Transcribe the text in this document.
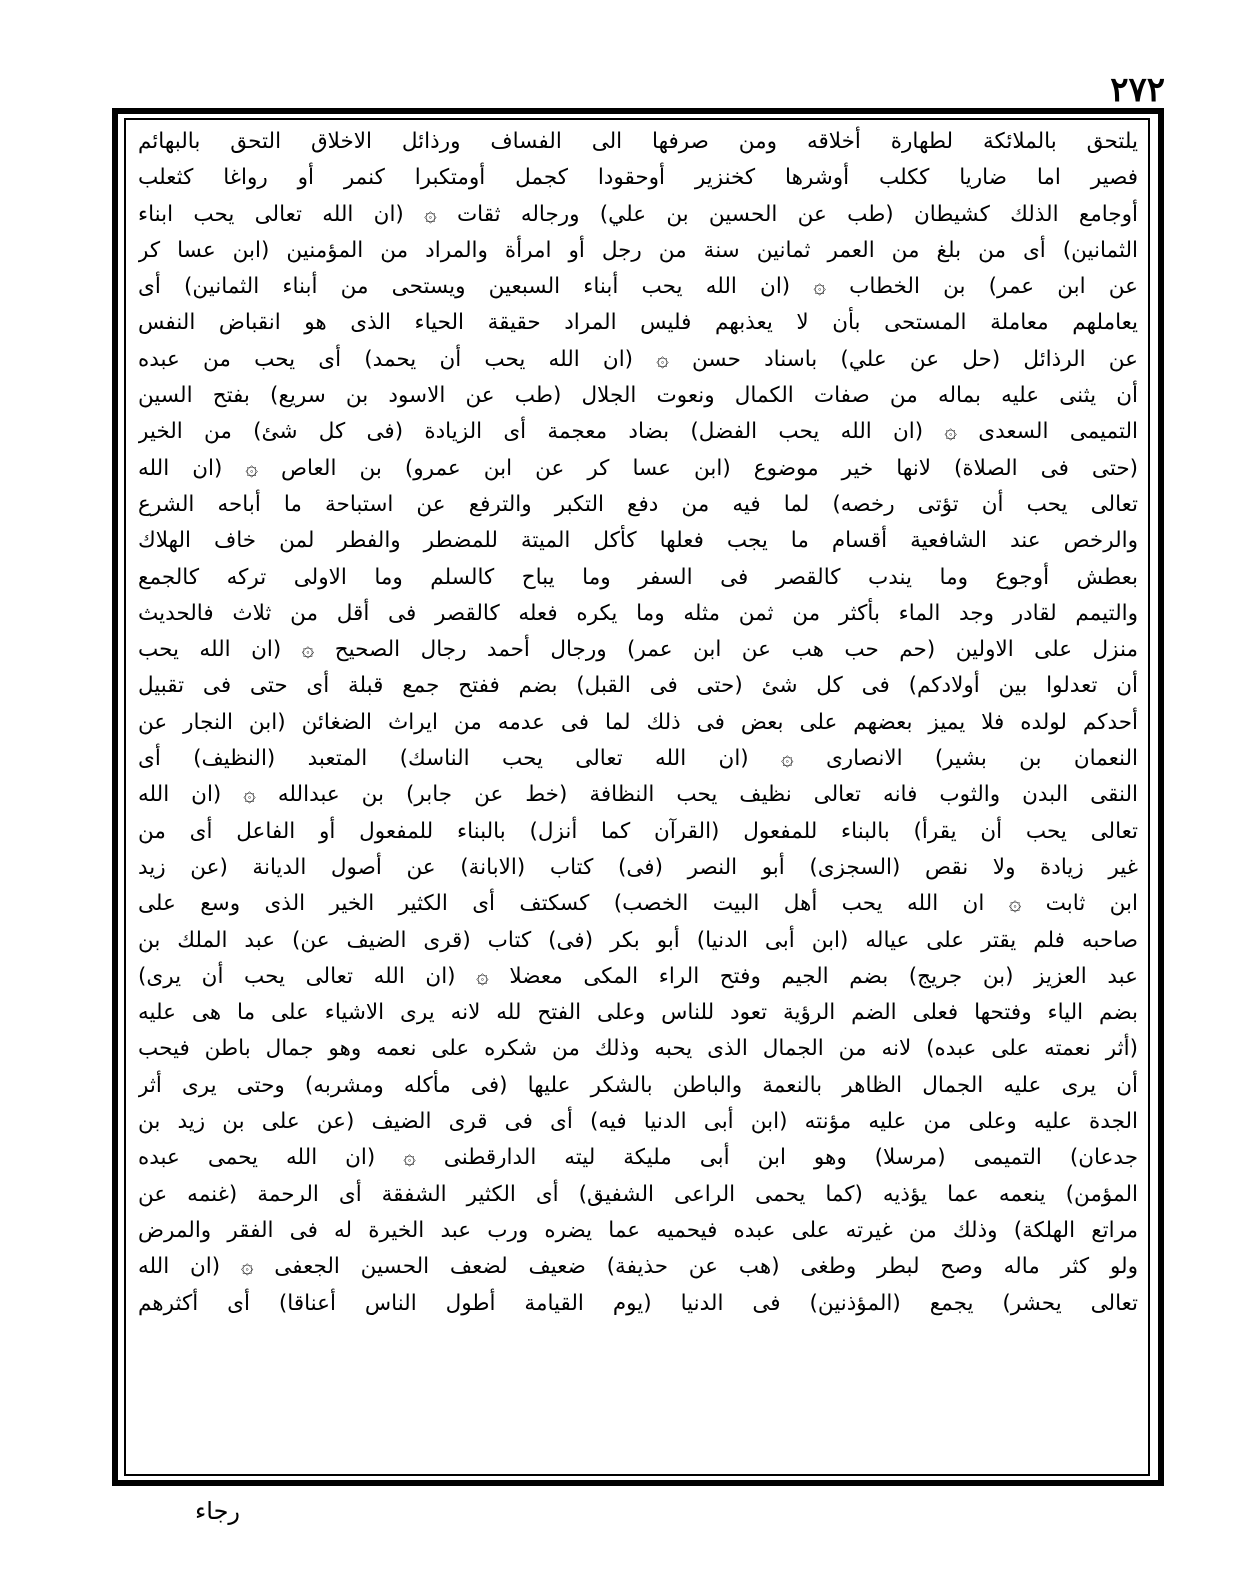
٢٧٢
يلتحق بالملائكة لطهارة أخلاقه ومن صرفها الى الفساف ورذائل الاخلاق التحق بالبهائم
فصير اما ضاريا ككلب أوشرها كخنزير أوحقودا كجمل أومتكبرا كنمر أو رواغا كثعلب
أوجامع الذلك كشيطان (طب عن الحسين بن علي) ورجاله ثقات ۞ (ان الله تعالى يحب ابناء
الثمانين) أى من بلغ من العمر ثمانين سنة من رجل أو امرأة والمراد من المؤمنين (ابن عسا كر
عن ابن عمر) بن الخطاب ۞ (ان الله يحب أبناء السبعين ويستحى من أبناء الثمانين) أى
يعاملهم معاملة المستحى بأن لا يعذبهم فليس المراد حقيقة الحياء الذى هو انقباض النفس
عن الرذائل (حل عن علي) باسناد حسن ۞ (ان الله يحب أن يحمد) أى يحب من عبده
أن يثنى عليه بماله من صفات الكمال ونعوت الجلال (طب عن الاسود بن سريع) بفتح السين
التميمى السعدى ۞ (ان الله يحب الفضل) بضاد معجمة أى الزيادة (فى كل شئ) من الخير
(حتى فى الصلاة) لانها خير موضوع (ابن عسا كر عن ابن عمرو) بن العاص ۞ (ان الله
تعالى يحب أن تؤتى رخصه) لما فيه من دفع التكبر والترفع عن استباحة ما أباحه الشرع
والرخص عند الشافعية أقسام ما يجب فعلها كأكل الميتة للمضطر والفطر لمن خاف الهلاك
بعطش أوجوع وما يندب كالقصر فى السفر وما يباح كالسلم وما الاولى تركه كالجمع
والتيمم لقادر وجد الماء بأكثر من ثمن مثله وما يكره فعله كالقصر فى أقل من ثلاث فالحديث
منزل على الاولين (حم حب هب عن ابن عمر) ورجال أحمد رجال الصحيح ۞ (ان الله يحب
أن تعدلوا بين أولادكم) فى كل شئ (حتى فى القبل) بضم ففتح جمع قبلة أى حتى فى تقبيل
أحدكم لولده فلا يميز بعضهم على بعض فى ذلك لما فى عدمه من ايراث الضغائن (ابن النجار عن
النعمان بن بشير) الانصارى ۞ (ان الله تعالى يحب الناسك) المتعبد (النظيف) أى
النقى البدن والثوب فانه تعالى نظيف يحب النظافة (خط عن جابر) بن عبدالله ۞ (ان الله
تعالى يحب أن يقرأ) بالبناء للمفعول (القرآن كما أنزل) بالبناء للمفعول أو الفاعل أى من
غير زيادة ولا نقص (السجزى) أبو النصر (فى) كتاب (الابانة) عن أصول الديانة (عن زيد
ابن ثابت ۞ ان الله يحب أهل البيت الخصب) كسكتف أى الكثير الخير الذى وسع على
صاحبه فلم يقتر على عياله (ابن أبى الدنيا) أبو بكر (فى) كتاب (قرى الضيف عن) عبد الملك بن
عبد العزيز (بن جريج) بضم الجيم وفتح الراء المكى معضلا ۞ (ان الله تعالى يحب أن يرى)
بضم الياء وفتحها فعلى الضم الرؤية تعود للناس وعلى الفتح لله لانه يرى الاشياء على ما هى عليه
(أثر نعمته على عبده) لانه من الجمال الذى يحبه وذلك من شكره على نعمه وهو جمال باطن فيحب
أن يرى عليه الجمال الظاهر بالنعمة والباطن بالشكر عليها (فى مأكله ومشربه) وحتى يرى أثر
الجدة عليه وعلى من عليه مؤنته (ابن أبى الدنيا فيه) أى فى قرى الضيف (عن على بن زيد بن
جدعان) التميمى (مرسلا) وهو ابن أبى مليكة ليته الدارقطنى ۞ (ان الله يحمى عبده
المؤمن) ينعمه عما يؤذيه (كما يحمى الراعى الشفيق) أى الكثير الشفقة أى الرحمة (غنمه عن
مراتع الهلكة) وذلك من غيرته على عبده فيحميه عما يضره ورب عبد الخيرة له فى الفقر والمرض
ولو كثر ماله وصح لبطر وطغى (هب عن حذيفة) ضعيف لضعف الحسين الجعفى ۞ (ان الله
تعالى يحشر) يجمع (المؤذنين) فى الدنيا (يوم القيامة أطول الناس أعناقا) أى أكثرهم
رجاء
